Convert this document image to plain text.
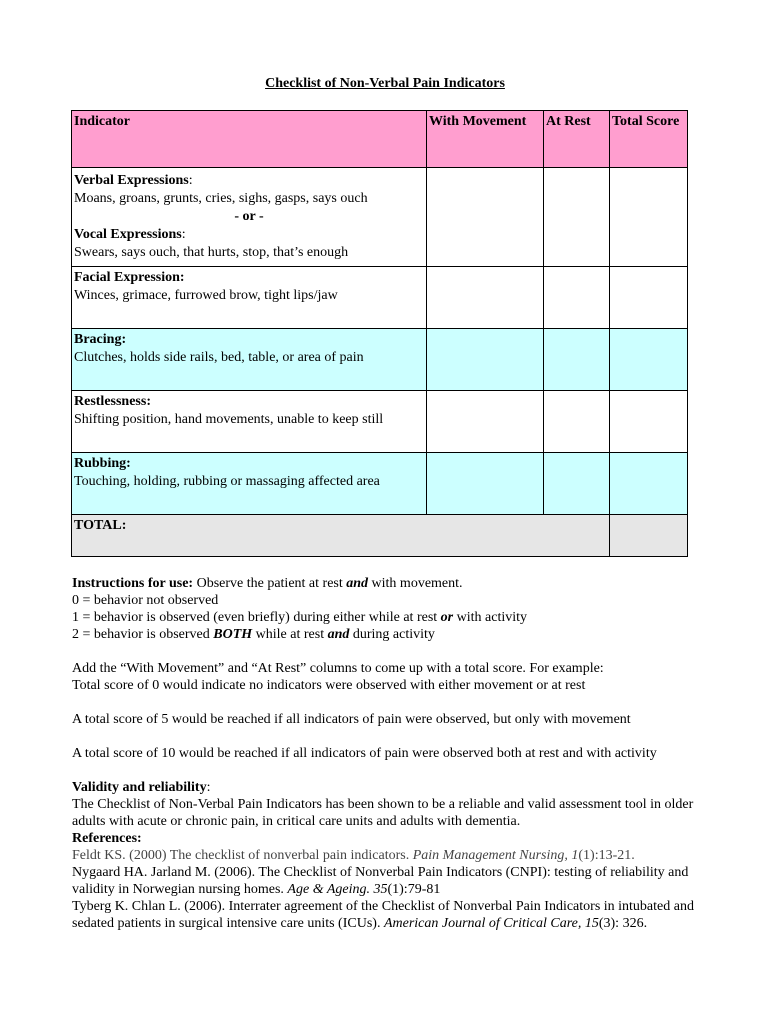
Checklist of Non-Verbal Pain Indicators
Indicator	With Movement	At Rest	Total Score

Verbal Expressions:
Moans, groans, grunts, cries, sighs, gasps, says ouch
- or -
Vocal Expressions:
Swears, says ouch, that hurts, stop, that’s enough			

Facial Expression:
Winces, grimace, furrowed brow, tight lips/jaw			

Bracing:
Clutches, holds side rails, bed, table, or area of pain			

Restlessness:
Shifting position, hand movements, unable to keep still			

Rubbing:
Touching, holding, rubbing or massaging affected area			

TOTAL:			

Instructions for use: Observe the patient at rest and with movement.

0 = behavior not observed

1 = behavior is observed (even briefly) during either while at rest or with activity

2 = behavior is observed BOTH while at rest and during activity

Add the “With Movement” and “At Rest” columns to come up with a total score. For example:

Total score of 0 would indicate no indicators were observed with either movement or at rest

A total score of 5 would be reached if all indicators of pain were observed, but only with movement

A total score of 10 would be reached if all indicators of pain were observed both at rest and with activity

Validity and reliability:

The Checklist of Non-Verbal Pain Indicators has been shown to be a reliable and valid assessment tool in older adults with acute or chronic pain, in critical care units and adults with dementia.

References:

Feldt KS. (2000) The checklist of nonverbal pain indicators. Pain Management Nursing, 1(1):13-21.

Nygaard HA. Jarland M. (2006). The Checklist of Nonverbal Pain Indicators (CNPI): testing of reliability and validity in Norwegian nursing homes. Age & Ageing. 35(1):79-81

Tyberg K. Chlan L. (2006). Interrater agreement of the Checklist of Nonverbal Pain Indicators in intubated and sedated patients in surgical intensive care units (ICUs). American Journal of Critical Care, 15(3): 326.
